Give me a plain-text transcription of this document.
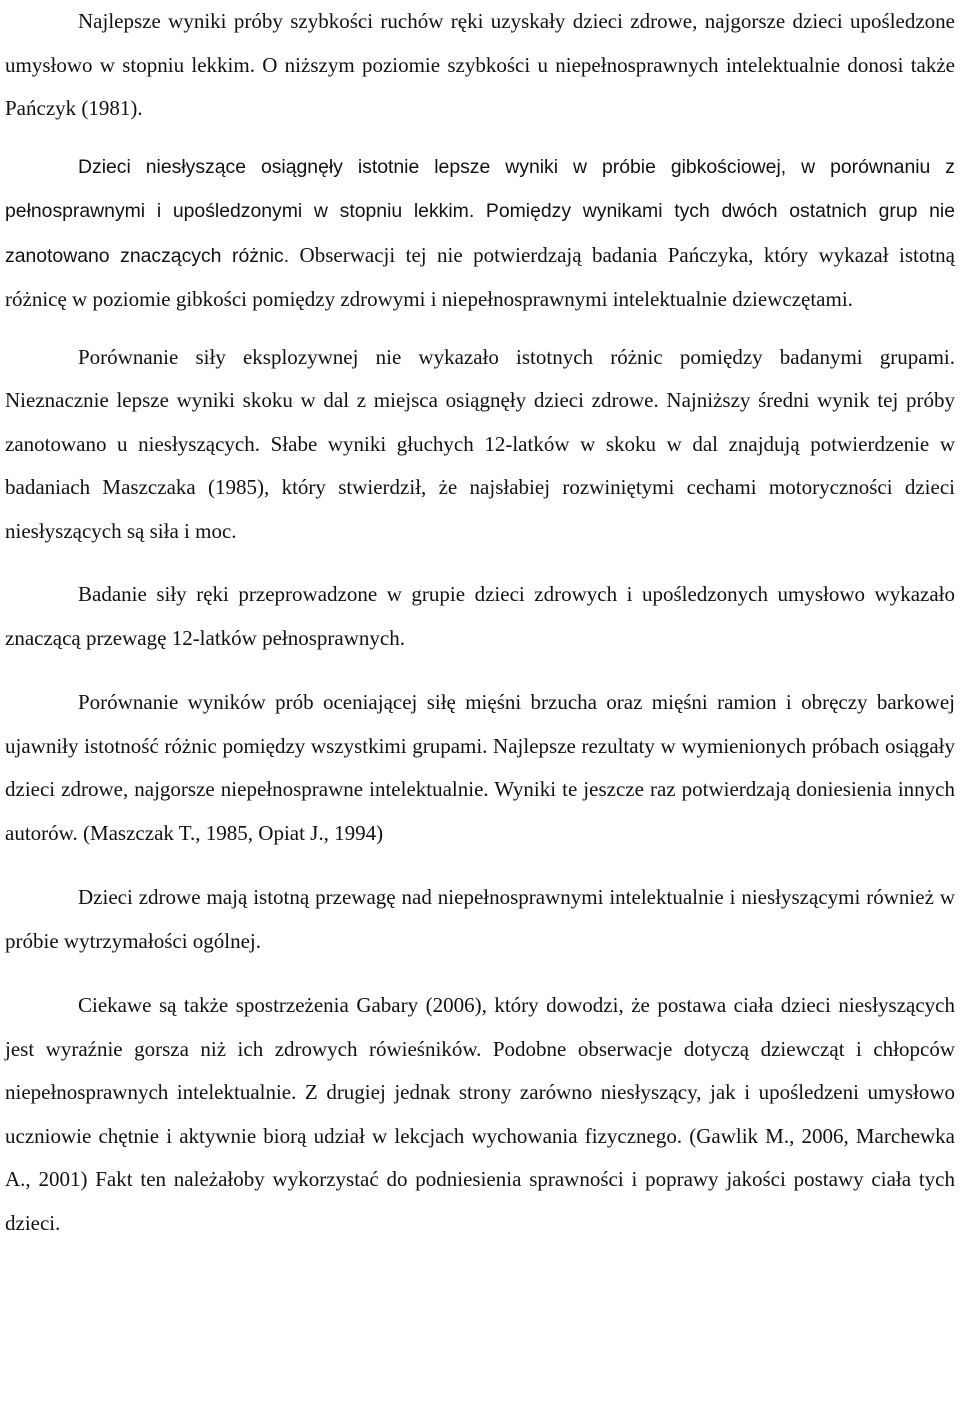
Najlepsze wyniki próby szybkości ruchów ręki uzyskały dzieci zdrowe, najgorsze dzieci upośledzone umysłowo w stopniu lekkim. O niższym poziomie szybkości u niepełnosprawnych intelektualnie donosi także Pańczyk (1981).

Dzieci niesłyszące osiągnęły istotnie lepsze wyniki w próbie gibkościowej, w porównaniu z pełnosprawnymi i upośledzonymi w stopniu lekkim. Pomiędzy wynikami tych dwóch ostatnich grup nie zanotowano znaczących różnic. Obserwacji tej nie potwierdzają badania Pańczyka, który wykazał istotną różnicę w poziomie gibkości pomiędzy zdrowymi i niepełnosprawnymi intelektualnie dziewczętami.

Porównanie siły eksplozywnej nie wykazało istotnych różnic pomiędzy badanymi grupami. Nieznacznie lepsze wyniki skoku w dal z miejsca osiągnęły dzieci zdrowe. Najniższy średni wynik tej próby zanotowano u niesłyszących. Słabe wyniki głuchych 12-latków w skoku w dal znajdują potwierdzenie w badaniach Maszczaka (1985), który stwierdził, że najsłabiej rozwiniętymi cechami motoryczności dzieci niesłyszących są siła i moc.

Badanie siły ręki przeprowadzone w grupie dzieci zdrowych i upośledzonych umysłowo wykazało znaczącą przewagę 12-latków pełnosprawnych.

Porównanie wyników prób oceniającej siłę mięśni brzucha oraz mięśni ramion i obręczy barkowej ujawniły istotność różnic pomiędzy wszystkimi grupami. Najlepsze rezultaty w wymienionych próbach osiągały dzieci zdrowe, najgorsze niepełnosprawne intelektualnie. Wyniki te jeszcze raz potwierdzają doniesienia innych autorów. (Maszczak T., 1985, Opiat J., 1994)

Dzieci zdrowe mają istotną przewagę nad niepełnosprawnymi intelektualnie i niesłyszącymi również w próbie wytrzymałości ogólnej.

Ciekawe są także spostrzeżenia Gabary (2006), który dowodzi, że postawa ciała dzieci niesłyszących jest wyraźnie gorsza niż ich zdrowych rówieśników. Podobne obserwacje dotyczą dziewcząt i chłopców niepełnosprawnych intelektualnie. Z drugiej jednak strony zarówno niesłyszący, jak i upośledzeni umysłowo uczniowie chętnie i aktywnie biorą udział w lekcjach wychowania fizycznego. (Gawlik M., 2006, Marchewka A., 2001) Fakt ten należałoby wykorzystać do podniesienia sprawności i poprawy jakości postawy ciała tych dzieci.
